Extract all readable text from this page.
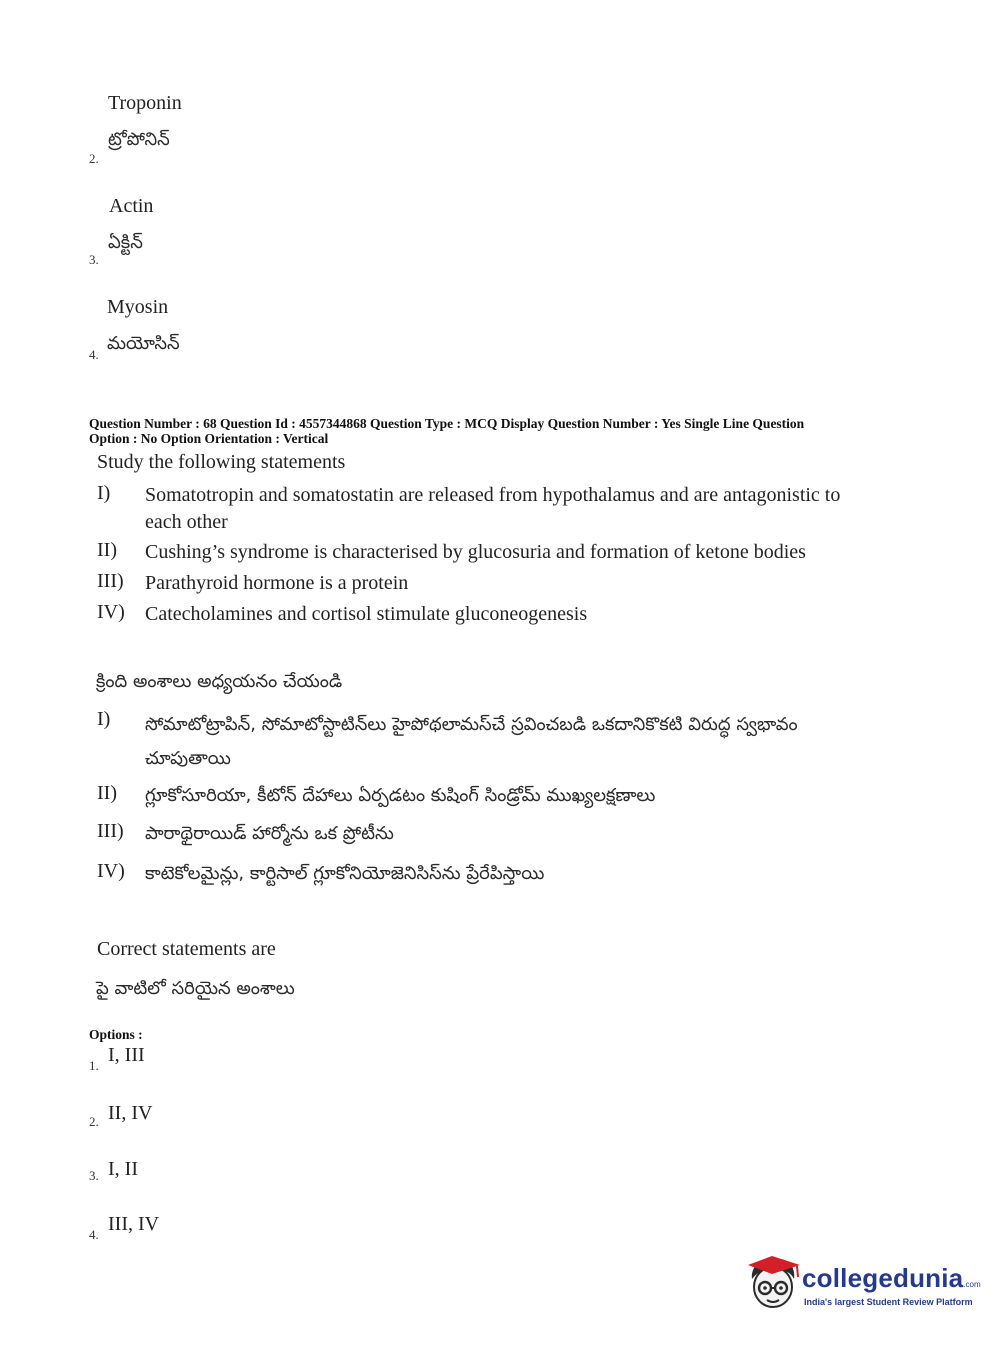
Troponin
ట్రోపోనిన్
2.
Actin
ఏక్టిన్
3.
Myosin
మయోసిన్
4.
Question Number : 68 Question Id : 4557344868 Question Type : MCQ Display Question Number : Yes Single Line Question
Option : No Option Orientation : Vertical
Study the following statements
I)	Somatotropin and somatostatin are released from hypothalamus and are antagonistic to each other
II)	Cushing’s syndrome is characterised by glucosuria and formation of ketone bodies
III)	Parathyroid hormone is a protein
IV)	Catecholamines and cortisol stimulate gluconeogenesis
క్రింది అంశాలు అధ్యయనం చేయండి
I)	సోమాటోట్రాపిన్, సోమాటోస్టాటిన్‌లు హైపోథలామస్‌చే స్రవించబడి ఒకదానికొకటి విరుద్ధ స్వభావం చూపుతాయి
II)	గ్లూకోసూరియా, కీటోన్ దేహాలు ఏర్పడటం కుషింగ్ సిండ్రోమ్ ముఖ్యలక్షణాలు
III)	పారాథైరాయిడ్ హార్మోను ఒక ప్రోటీను
IV)	కాటెకోలమైన్లు, కార్టిసాల్ గ్లూకోనియోజెనిసిస్‌ను ప్రేరేపిస్తాయి
Correct statements are
పై వాటిలో సరియైన అంశాలు
Options :
1. I, III
2. II, IV
3. I, II
4. III, IV
collegedunia.com
India's largest Student Review Platform
